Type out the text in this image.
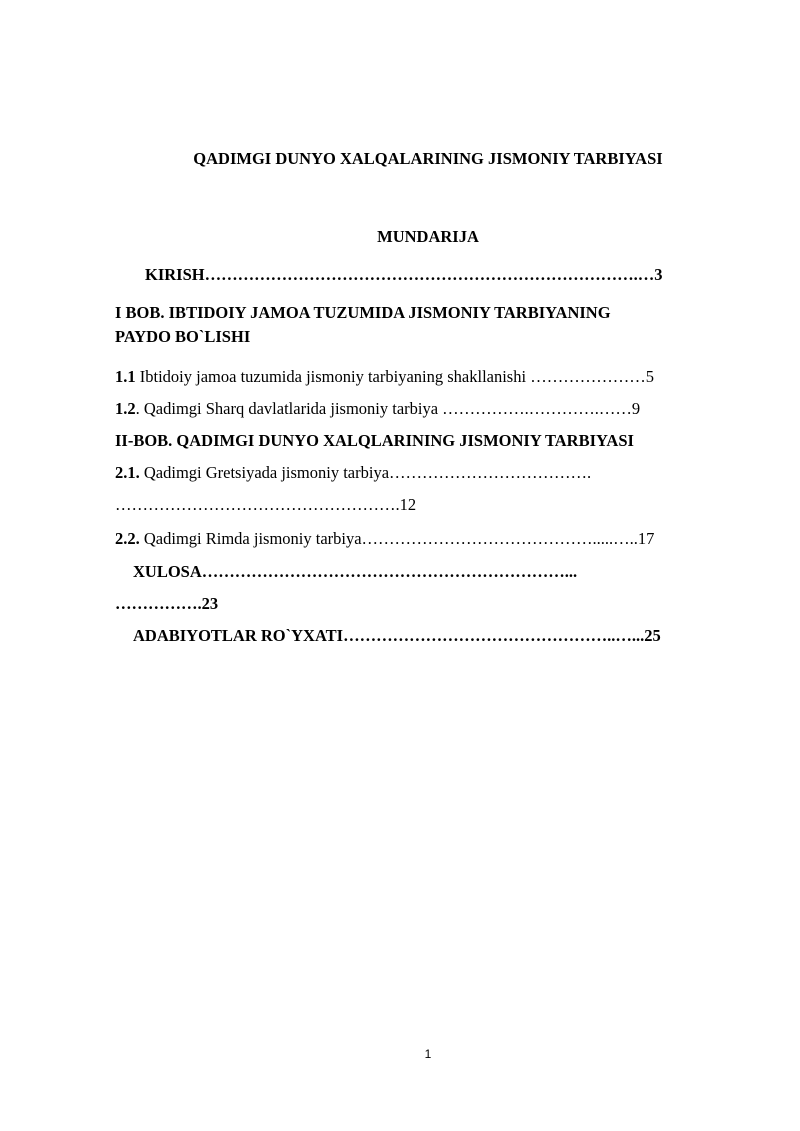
QADIMGI DUNYO XALQALARINING JISMONIY TARBIYASI
MUNDARIJA
KIRISH…………………………………………………………………….…3
I BOB. IBTIDOIY JAMOA TUZUMIDA JISMONIY TARBIYANING
PAYDO BO`LISHI
1.1 Ibtidoiy jamoa tuzumida jismoniy tarbiyaning shakllanishi …………………5
1.2. Qadimgi Sharq davlatlarida jismoniy tarbiya …………….………….……9
II-BOB. QADIMGI DUNYO XALQLARINING JISMONIY TARBIYASI
2.1. Qadimgi Gretsiyada jismoniy tarbiya……………………………….
…………………………………………….12
2.2. Qadimgi Rimda jismoniy tarbiya…………………………………….....…..17
XULOSA…………………………………………………………...
…………….23
ADABIYOTLAR RO`YXATI…………………………………………..…...25
1
